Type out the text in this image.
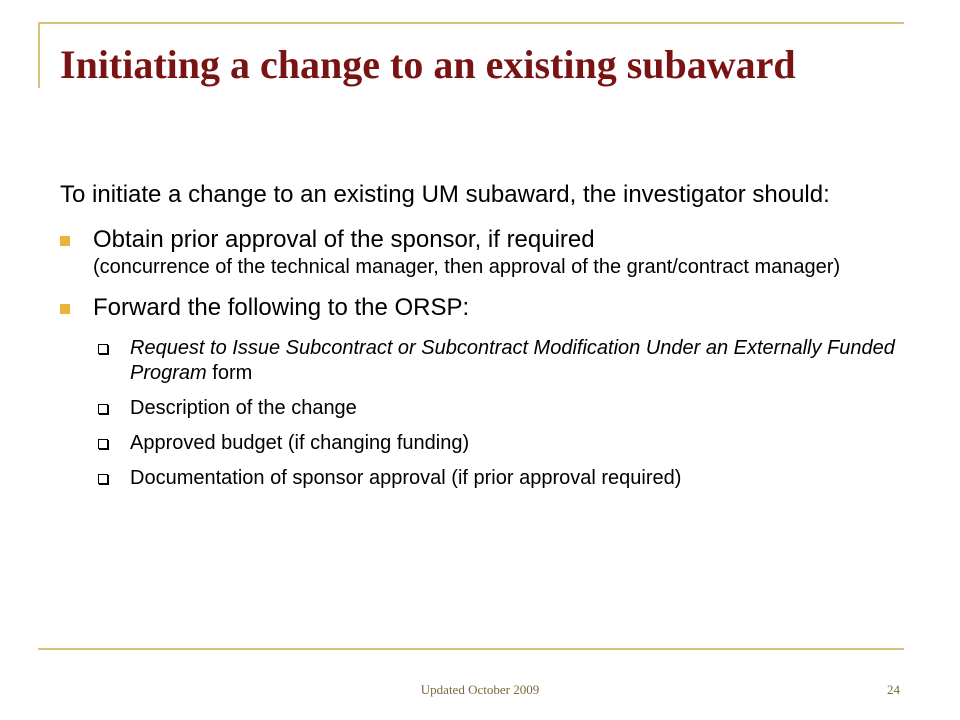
Initiating a change to an existing subaward
To initiate a change to an existing UM subaward, the investigator should:
Obtain prior approval of the sponsor, if required
(concurrence of the technical manager, then approval of the grant/contract manager)
Forward the following to the ORSP:
Request to Issue Subcontract or Subcontract Modification Under an Externally Funded Program form
Description of the change
Approved budget (if changing funding)
Documentation of sponsor approval (if prior approval required)
Updated October 2009	24
